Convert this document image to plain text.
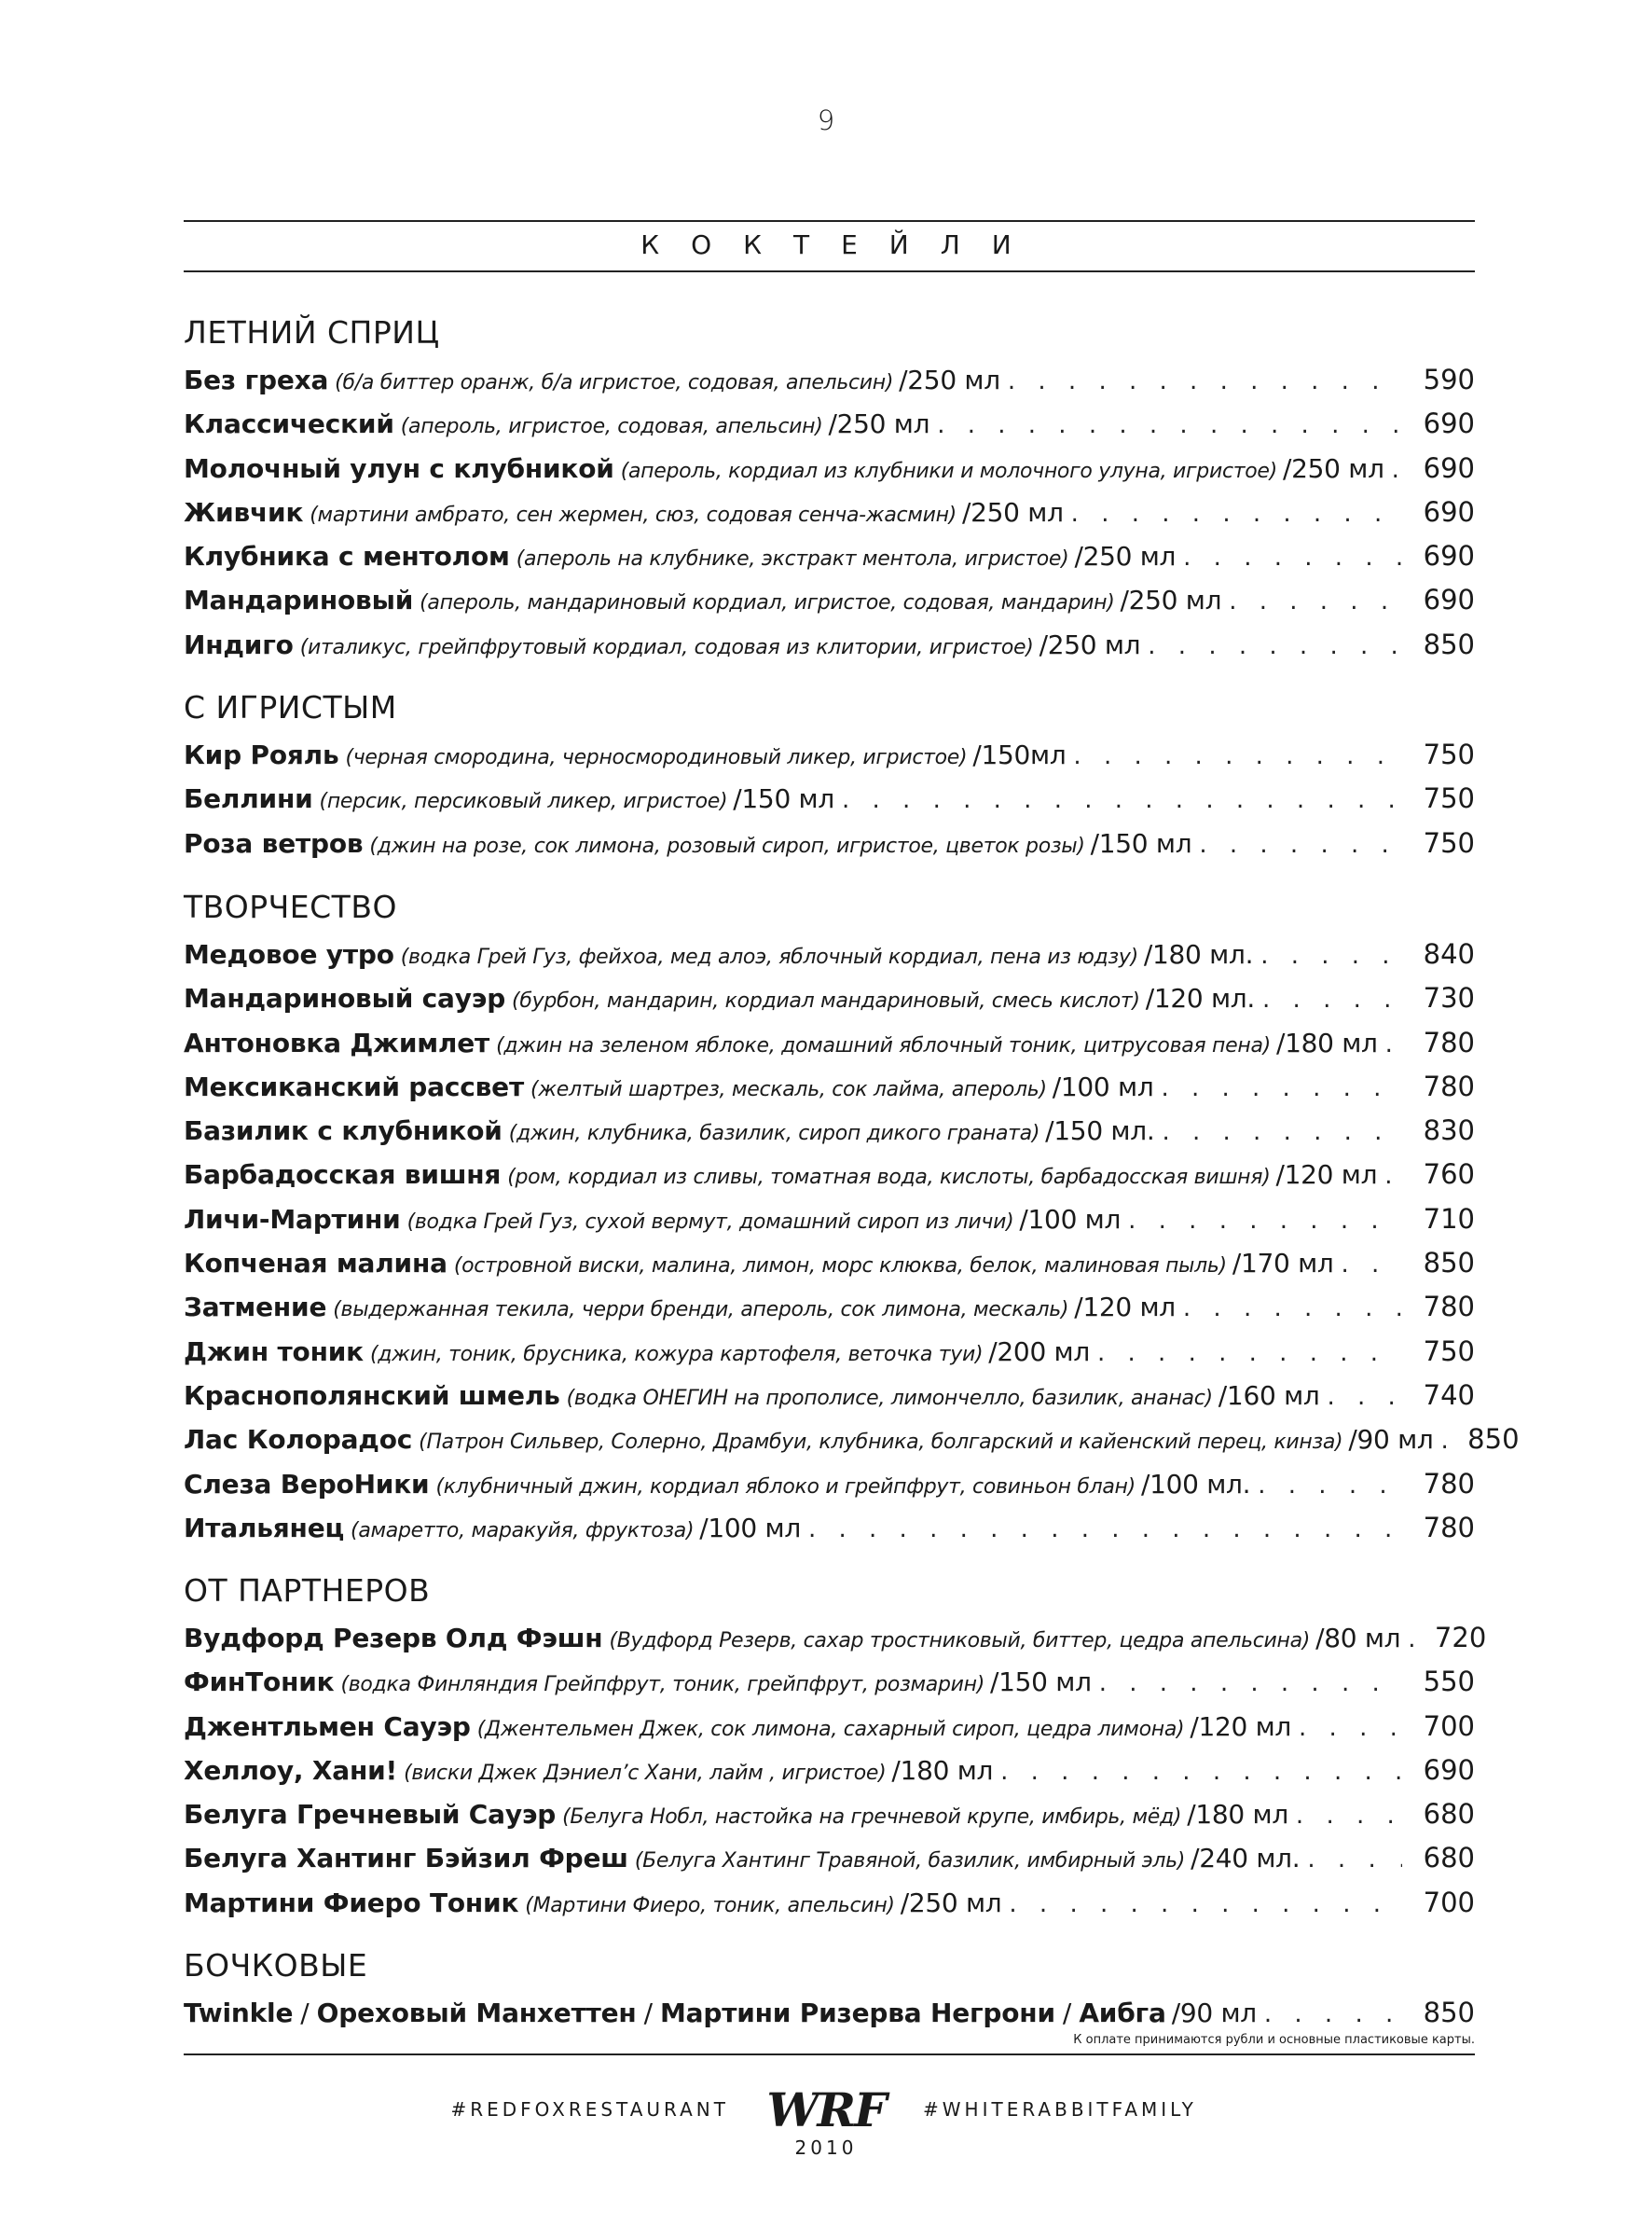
9
КОКТЕЙЛИ
ЛЕТНИЙ СПРИЦ
Без греха (б/а биттер оранж, б/а игристое, содовая, апельсин) /250 мл . . .	590
Классический (апероль, игристое, содовая, апельсин) /250 мл . . .	690
Молочный улун с клубникой (апероль, кордиал из клубники и молочного улуна, игристое) /250 мл . . .	690
Живчик (мартини амбрато, сен жермен, сюз, содовая сенча-жасмин) /250 мл . . .	690
Клубника с ментолом (апероль на клубнике, экстракт ментола, игристое) /250 мл . . .	690
Мандариновый (апероль, мандариновый кордиал, игристое, содовая, мандарин) /250 мл . . .	690
Индиго (италикус, грейпфрутовый кордиал, содовая из клитории, игристое) /250 мл . . .	850
С ИГРИСТЫМ
Кир Рояль (черная смородина, черносмородиновый ликер, игристое) /150мл . . .	750
Беллини (персик, персиковый ликер, игристое) /150 мл . . .	750
Роза ветров (джин на розе, сок лимона, розовый сироп, игристое, цветок розы) /150 мл . . .	750
ТВОРЧЕСТВО
Медовое утро (водка Грей Гуз, фейхоа, мед алоэ, яблочный кордиал, пена из юдзу) /180 мл. . . .	840
Мандариновый сауэр (бурбон, мандарин, кордиал мандариновый, смесь кислот) /120 мл. . . .	730
Антоновка Джимлет (джин на зеленом яблоке, домашний яблочный тоник, цитрусовая пена) /180 мл . . .	780
Мексиканский рассвет (желтый шартрез, мескаль, сок лайма, апероль) /100 мл . . .	780
Базилик с клубникой (джин, клубника, базилик, сироп дикого граната) /150 мл. . . .	830
Барбадосская вишня (ром, кордиал из сливы, томатная вода, кислоты, барбадосская вишня) /120 мл . . .	760
Личи-Мартини (водка Грей Гуз, сухой вермут, домашний сироп из личи) /100 мл . . .	710
Копченая малина (островной виски, малина, лимон, морс клюква, белок, малиновая пыль) /170 мл . . .	850
Затмение (выдержанная текила, черри бренди, апероль, сок лимона, мескаль) /120 мл . . .	780
Джин тоник (джин, тоник, брусника, кожура картофеля, веточка туи) /200 мл . . .	750
Краснополянский шмель (водка ОНЕГИН на прополисе, лимончелло, базилик, ананас) /160 мл . . .	740
Лас Колорадос (Патрон Сильвер, Солерно, Драмбуи, клубника, болгарский и кайенский перец, кинза) /90 мл . . .	850
Слеза ВероНики (клубничный джин, кордиал яблоко и грейпфрут, совиньон блан) /100 мл. . . .	780
Итальянец (амаретто, маракуйя, фруктоза) /100 мл . . .	780
ОТ ПАРТНЕРОВ
Вудфорд Резерв Олд Фэшн (Вудфорд Резерв, сахар тростниковый, биттер, цедра апельсина) /80 мл . . .	720
ФинТоник (водка Финляндия Грейпфрут, тоник, грейпфрут, розмарин) /150 мл . . .	550
Джентльмен Сауэр (Джентельмен Джек, сок лимона, сахарный сироп, цедра лимона) /120 мл . . .	700
Хеллоу, Хани! (виски Джек Дэниел’с Хани, лайм , игристое) /180 мл . . .	690
Белуга Гречневый Сауэр (Белуга Нобл, настойка на гречневой крупе, имбирь, мёд) /180 мл . . .	680
Белуга Хантинг Бэйзил Фреш (Белуга Хантинг Травяной, базилик, имбирный эль) /240 мл. . . .	680
Мартини Фиеро Тоник (Мартини Фиеро, тоник, апельсин) /250 мл . . .	700
БОЧКОВЫЕ
Twinkle / Ореховый Манхеттен / Мартини Ризерва Негрони / Аибга /90 мл . . .	850
К оплате принимаются рубли и основные пластиковые карты.
#REDFOXRESTAURANT WRF #WHITERABBITFAMILY
2010
